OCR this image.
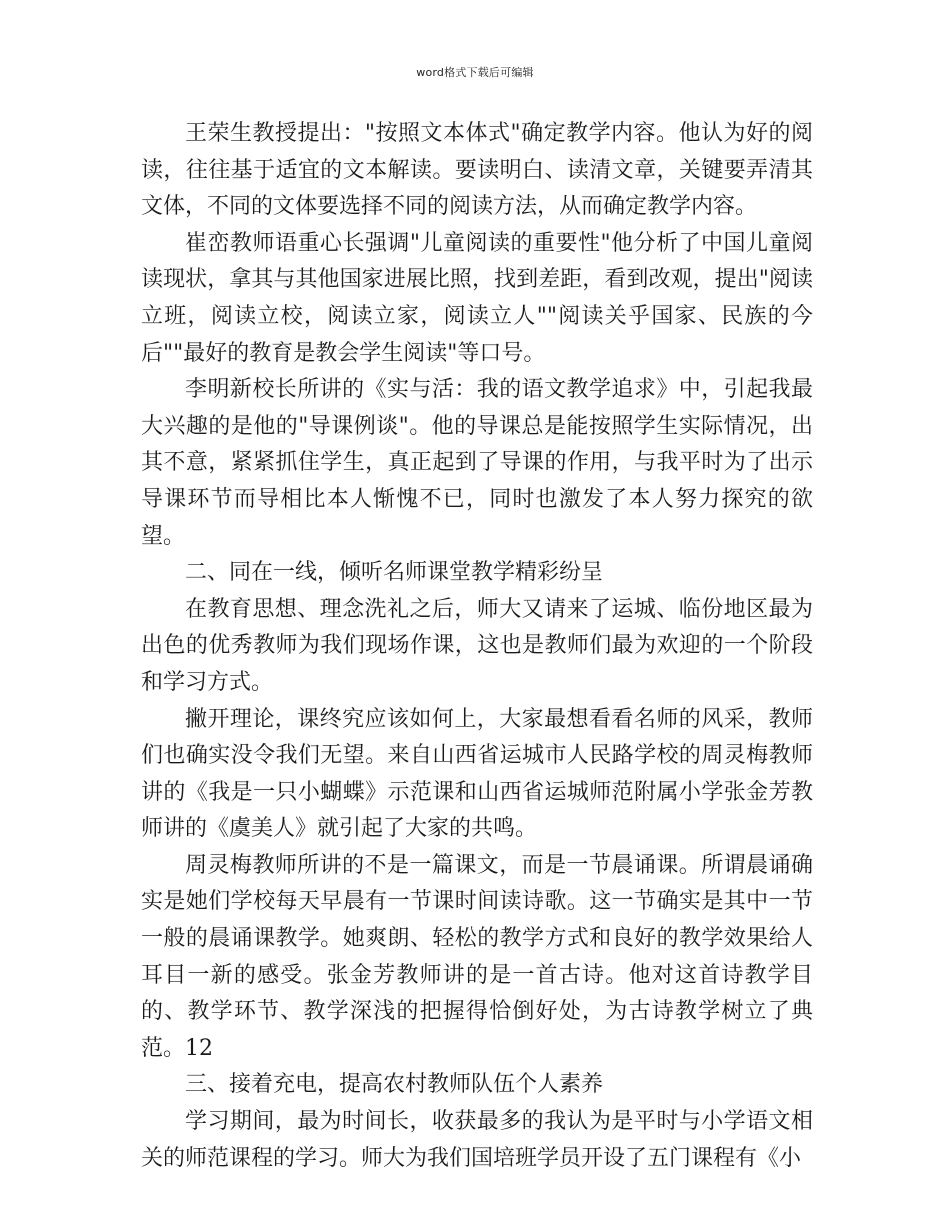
word格式下载后可编辑

王荣生教授提出："按照文本体式"确定教学内容。他认为好的阅读，往往基于适宜的文本解读。要读明白、读清文章，关键要弄清其文体，不同的文体要选择不同的阅读方法，从而确定教学内容。

崔峦教师语重心长强调"儿童阅读的重要性"他分析了中国儿童阅读现状，拿其与其他国家进展比照，找到差距，看到改观，提出"阅读立班，阅读立校，阅读立家，阅读立人""阅读关乎国家、民族的今后""最好的教育是教会学生阅读"等口号。

李明新校长所讲的《实与活：我的语文教学追求》中，引起我最大兴趣的是他的"导课例谈"。他的导课总是能按照学生实际情况，出其不意，紧紧抓住学生，真正起到了导课的作用，与我平时为了出示导课环节而导相比本人惭愧不已，同时也激发了本人努力探究的欲望。

二、同在一线，倾听名师课堂教学精彩纷呈

在教育思想、理念洗礼之后，师大又请来了运城、临份地区最为出色的优秀教师为我们现场作课，这也是教师们最为欢迎的一个阶段和学习方式。

撇开理论，课终究应该如何上，大家最想看看名师的风采，教师们也确实没令我们无望。来自山西省运城市人民路学校的周灵梅教师讲的《我是一只小蝴蝶》示范课和山西省运城师范附属小学张金芳教师讲的《虞美人》就引起了大家的共鸣。

周灵梅教师所讲的不是一篇课文，而是一节晨诵课。所谓晨诵确实是她们学校每天早晨有一节课时间读诗歌。这一节确实是其中一节一般的晨诵课教学。她爽朗、轻松的教学方式和良好的教学效果给人耳目一新的感受。张金芳教师讲的是一首古诗。他对这首诗教学目的、教学环节、教学深浅的把握得恰倒好处，为古诗教学树立了典范。12

三、接着充电，提高农村教师队伍个人素养

学习期间，最为时间长，收获最多的我认为是平时与小学语文相关的师范课程的学习。师大为我们国培班学员开设了五门课程有《小
